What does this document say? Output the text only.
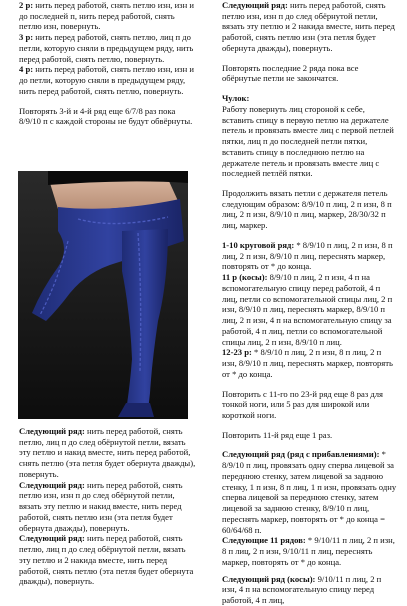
2 р: нить перед работой, снять петлю изн, изн и до последней п, нить перед работой, снять петлю изн, повернуть.

3 р: нить перед работой, снять петлю, лиц п до петли, которую сняли в предыдущем ряду, нить перед работой, снять петлю, повернуть.

4 р: нить перед работой, снять петлю изн, изн и до петли, которую сняли в предыдущем ряду, нить перед работой, снять петлю, повернуть.

Повторять 3-й и 4-й ряд еще 6/7/8 раз пока 8/9/10 п с каждой стороны не будут обвёрнуты.

Следующий ряд: нить перед работой, снять петлю, лиц п до след обёрнутой петли, вязать эту петлю и накид вместе, нить перед работой, снять петлю (эта петля будет обернута дважды), повернуть.

Следующий ряд: нить перед работой, снять петлю изн, изн п до след обёрнутой петли, вязать эту петлю и накид вместе, нить перед работой, снять петлю изн (эта петля будет обернута дважды), повернуть.

Следующий ряд: нить перед работой, снять петлю, лиц п до след обёрнутой петли, вязать эту петлю и 2 накида вместе, нить перед работой, снять петлю (эта петля будет обернута дважды), повернуть.

Следующий ряд: нить перед работой, снять петлю изн, изн п до след обёрнутой петли, вязать эту петлю и 2 накида вместе, нить перед работой, снять петлю изн (эта петля будет обернута дважды), повернуть.

Повторять последние 2 ряда пока все обёрнутые петли не закончатся.

Чулок:

Работу повернуть лиц стороной к себе, вставить спицу в первую петлю на держателе петель и провязать вместе лиц с первой петлей пятки, лиц п до последней петли пятки, вставить спицу в последнюю петлю на держателе петель и провязать вместе лиц с последней петлёй пятки.

Продолжить вязать петли с держателя петель следующим образом: 8/9/10 п лиц, 2 п изн, 8 п лиц, 2 п изн, 8/9/10 п лиц, маркер, 28/30/32 п лиц, маркер.

1-10 круговой ряд: * 8/9/10 п лиц, 2 п изн, 8 п лиц, 2 п изн, 8/9/10 п лиц, переснять маркер, повторять от * до конца.

11 р (косы): 8/9/10 п лиц, 2 п изн, 4 п на вспомогательную спицу перед работой, 4 п лиц, петли со вспомогательной спицы лиц, 2 п изн, 8/9/10 п лиц, переснять маркер, 8/9/10 п лиц, 2 п изн, 4 п на вспомогательную спицу за работой, 4 п лиц, петли со вспомогательной спицы лиц, 2 п изн, 8/9/10 п лиц.

12-23 р: * 8/9/10 п лиц, 2 п изн, 8 п лиц, 2 п изн, 8/9/10 п лиц, переснять маркер, повторять от * до конца.

Повторить с 11-го по 23-й ряд еще 8 раз для тонкой ноги, или 5 раз для широкой или короткой ноги.

Повторить 11-й ряд еще 1 раз.

Следующий ряд (ряд с прибавлениями): * 8/9/10 п лиц, провязать одну сперва лицевой за переднюю стенку, затем лицевой за заднюю стенку, 1 п изн, 8 п лиц, 1 п изн, провязать одну сперва лицевой за переднюю стенку, затем лицевой за заднюю стенку, 8/9/10 п лиц, переснять маркер, повторять от * до конца = 60/64/68 п.

Следующие 11 рядов: * 9/10/11 п лиц, 2 п изн, 8 п лиц, 2 п изн, 9/10/11 п лиц, переснять маркер, повторять от * до конца.

Следующий ряд (косы): 9/10/11 п лиц, 2 п изн, 4 п на вспомогательную спицу перед работой, 4 п лиц,
